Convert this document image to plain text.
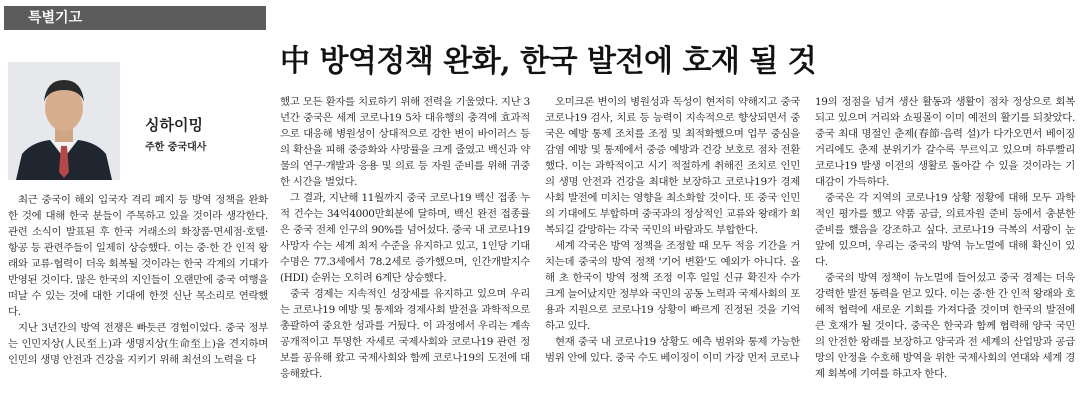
특별기고
中 방역정책 완화, 한국 발전에 호재 될 것
싱하이밍
주한 중국대사

최근 중국이 해외 입국자 격리 폐지 등 방역 정책을 완화한 것에 대해 한국 분들이 주목하고 있을 것이라 생각한다. 관련 소식이 발표된 후 한국 거래소의 화장품·면세점·호텔·항공 등 관련주들이 일제히 상승했다. 이는 중·한 간 인적 왕래와 교류·협력이 더욱 회복될 것이라는 한국 각계의 기대가 반영된 것이다. 많은 한국의 지인들이 오랜만에 중국 여행을 떠날 수 있는 것에 대한 기대에 한껏 신난 목소리로 연락했다.

지난 3년간의 방역 전쟁은 빠듯큰 경험이었다. 중국 정부는 인민지상(人民至上)과 생명지상(生命至上)을 견지하며 인민의 생명 안전과 건강을 지키기 위해 최선의 노력을 다

했고 모든 환자를 치료하기 위해 전력을 기울였다. 지난 3년간 중국은 세계 코로나19 5차 대유행의 충격에 효과적으로 대응해 병원성이 상대적으로 강한 변이 바이러스 등의 확산을 피해 중증화와 사망률을 크게 줄였고 백신과 약물의 연구·개발과 응용 및 의료 등 자원 준비를 위해 귀중한 시간을 벌었다.

그 결과, 지난해 11월까지 중국 코로나19 백신 접종 누적 건수는 34억4000만회분에 달하며, 백신 완전 접종률은 중국 전체 인구의 90%를 넘어섰다. 중국 내 코로나19 사망자 수는 세계 최저 수준을 유지하고 있고, 1인당 기대 수명은 77.3세에서 78.2세로 증가했으며, 인간개발지수(HDI) 순위는 오히려 6계단 상승했다.

중국 경제는 지속적인 성장세를 유지하고 있으며 우리는 코로나19 예방 및 통제와 경제사회 발전을 과학적으로 총괄하여 중요한 성과를 거뒀다. 이 과정에서 우리는 계속 공개적이고 투명한 자세로 국제사회와 코로나19 관련 정보를 공유해 왔고 국제사회와 함께 코로나19의 도전에 대응해왔다.

오미크론 변이의 병원성과 독성이 현저히 약해지고 중국 코로나19 검사, 치료 등 능력이 지속적으로 향상되면서 중국은 예방 통제 조치를 조정 및 최적화했으며 업무 중심을 감염 예방 및 통제에서 중증 예방과 건강 보호로 점차 전환했다. 이는 과학적이고 시기 적절하게 취해진 조치로 인민의 생명 안전과 건강을 최대한 보장하고 코로나19가 경제 사회 발전에 미치는 영향을 최소화할 것이다. 또 중국 인민의 기대에도 부합하며 중국과의 정상적인 교류와 왕래가 회복되길 갈망하는 각국 국민의 바람과도 부합한다.

세계 각국은 방역 정책을 조정할 때 모두 적응 기간을 거치는데 중국의 방역 정책 '기어 변환'도 예외가 아니다. 올해 초 한국이 방역 정책 조정 이후 일일 신규 확진자 수가 크게 늘어났지만 정부와 국민의 공동 노력과 국제사회의 포용과 지원으로 코로나19 상황이 빠르게 진정된 것을 기억하고 있다.

현재 중국 내 코로나19 상황도 예측 범위와 통제 가능한 범위 안에 있다. 중국 수도 베이징이 이미 가장 먼저 코로나

19의 정점을 넘겨 생산 활동과 생활이 점차 정상으로 회복되고 있으며 거리와 쇼핑몰이 이미 예전의 활기를 되찾았다. 중국 최대 명절인 춘제(春節·음력 설)가 다가오면서 베이징 거리에도 춘제 분위기가 갈수록 무르익고 있으며 하루빨리 코로나19 발생 이전의 생활로 돌아갈 수 있을 것이라는 기대감이 가득하다.

중국은 각 지역의 코로나19 상황 정황에 대해 모두 과학적인 평가를 했고 약품 공급, 의료자원 준비 등에서 충분한 준비를 했음을 강조하고 싶다. 코로나19 극복의 서광이 눈앞에 있으며, 우리는 중국의 방역 뉴노멀에 대해 확신이 있다.

중국의 방역 정책이 뉴노멀에 들어섰고 중국 경제는 더욱 강력한 발전 동력을 얻고 있다. 이는 중·한 간 인적 왕래와 호혜적 협력에 새로운 기회를 가져다줄 것이며 한국의 발전에 큰 호재가 될 것이다. 중국은 한국과 함께 협력해 양국 국민의 안전한 왕래를 보장하고 양국과 전 세계의 산업망과 공급망의 안정을 수호해 방역을 위한 국제사회의 연대와 세계 경제 회복에 기여를 하고자 한다.
